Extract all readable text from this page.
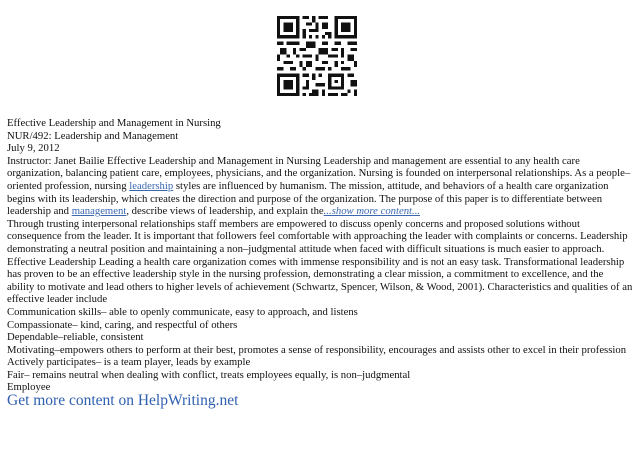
Effective Leadership and Management in Nursing

NUR/492: Leadership and Management

July 9, 2012

Instructor: Janet Bailie Effective Leadership and Management in Nursing Leadership and management are essential to any health care organization, balancing patient care, employees, physicians, and the organization. Nursing is founded on interpersonal relationships. As a people–oriented profession, nursing leadership styles are influenced by humanism. The mission, attitude, and behaviors of a health care organization begins with its leadership, which creates the direction and purpose of the organization. The purpose of this paper is to differentiate between leadership and management, describe views of leadership, and explain the...show more content...

Through trusting interpersonal relationships staff members are empowered to discuss openly concerns and proposed solutions without consequence from the leader. It is important that followers feel comfortable with approaching the leader with complaints or concerns. Leadership demonstrating a neutral position and maintaining a non–judgmental attitude when faced with difficult situations is much easier to approach.

Effective Leadership Leading a health care organization comes with immense responsibility and is not an easy task. Transformational leadership has proven to be an effective leadership style in the nursing profession, demonstrating a clear mission, a commitment to excellence, and the ability to motivate and lead others to higher levels of achievement (Schwartz, Spencer, Wilson, & Wood, 2001). Characteristics and qualities of an effective leader include

Communication skills– able to openly communicate, easy to approach, and listens

Compassionate– kind, caring, and respectful of others

Dependable–reliable, consistent

Motivating–empowers others to perform at their best, promotes a sense of responsibility, encourages and assists other to excel in their profession

Actively participates– is a team player, leads by example

Fair– remains neutral when dealing with conflict, treats employees equally, is non–judgmental

Employee

Get more content on HelpWriting.net
